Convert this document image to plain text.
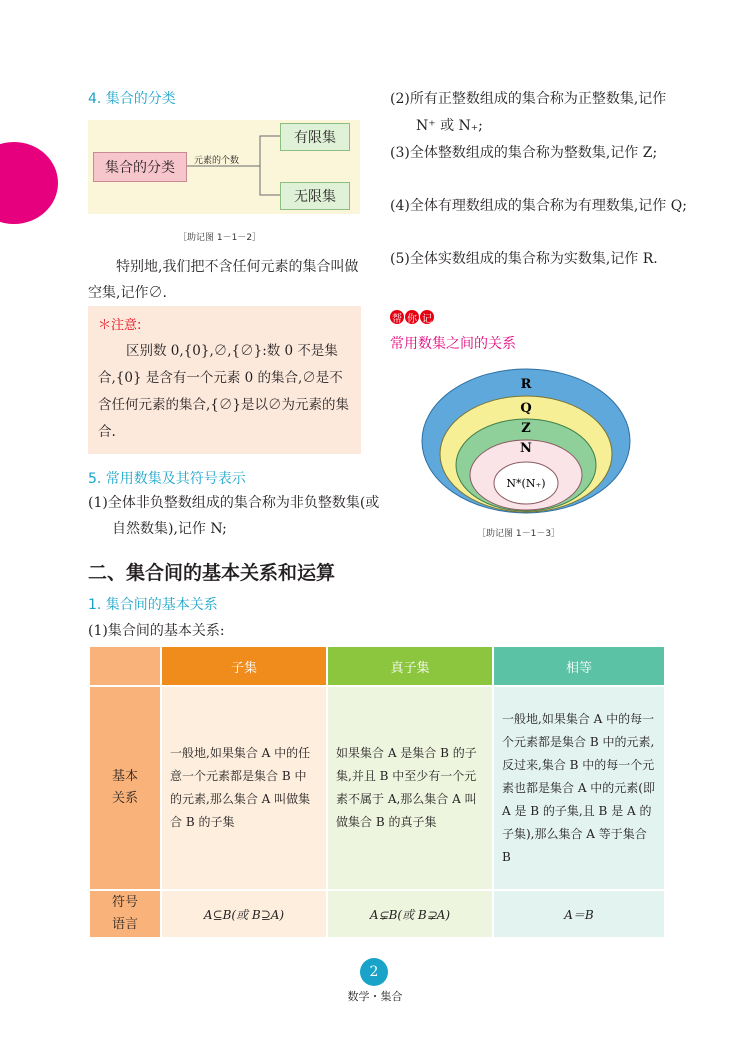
4. 集合的分类
集合的分类	元素的个数
有限集
无限集
［助记图 1－1－2］
特别地,我们把不含任何元素的集合叫做空集,记作∅.
＊注意:
区别数 0,{0},∅,{∅}:数 0 不是集合,{0} 是含有一个元素 0 的集合,∅是不含任何元素的集合,{∅}是以∅为元素的集合.
5. 常用数集及其符号表示
(1)全体非负整数组成的集合称为非负整数集(或自然数集),记作 N;
(2)所有正整数组成的集合称为正整数集,记作 N⁺ 或 N₊;
(3)全体整数组成的集合称为整数集,记作 Z;
(4)全体有理数组成的集合称为有理数集,记作 Q;
(5)全体实数组成的集合称为实数集,记作 R.
帮 你 记
常用数集之间的关系
R
Q
Z
N
N*(N₊)
［助记图 1－1－3］
二、集合间的基本关系和运算
1. 集合间的基本关系
(1)集合间的基本关系:
	子集	真子集	相等

基本
关系	一般地,如果集合 A 中的任意一个元素都是集合 B 中的元素,那么集合 A 叫做集合 B 的子集	如果集合 A 是集合 B 的子集,并且 B 中至少有一个元素不属于 A,那么集合 A 叫做集合 B 的真子集	一般地,如果集合 A 中的每一个元素都是集合 B 中的元素,反过来,集合 B 中的每一个元素也都是集合 A 中的元素(即 A 是 B 的子集,且 B 是 A 的子集),那么集合 A 等于集合 B

符号
语言	A⊆B(或 B⊇A)	A⊊B(或 B⊋A)	A＝B
2
数学・集合
